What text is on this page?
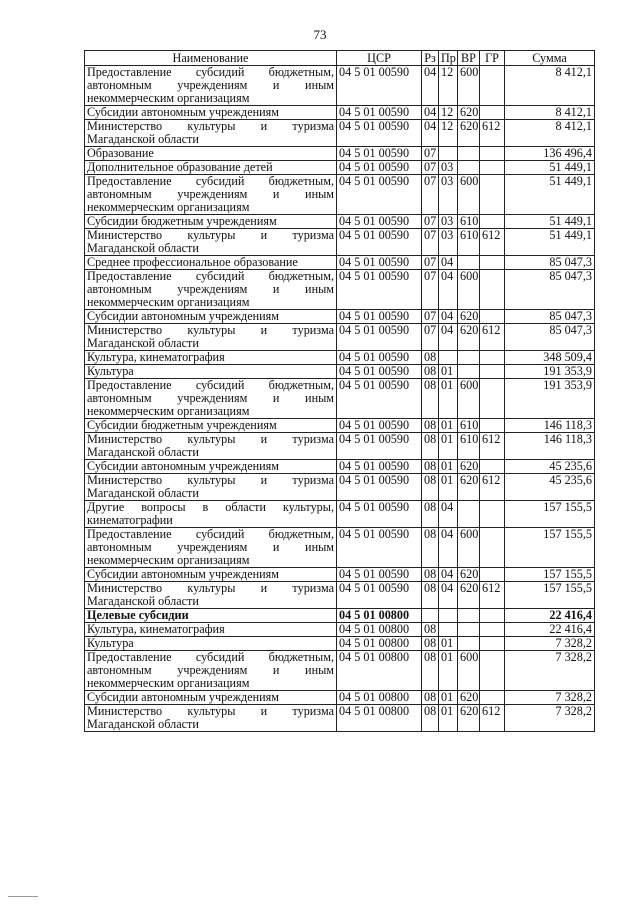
73
Наименование	ЦСР	Рз	Пр	ВР	ГР	Сумма
Предоставление субсидий бюджетным, автономным учреждениям и иным некоммерческим организациям	04 5 01 00590	04	12	600		8 412,1
Субсидии автономным учреждениям	04 5 01 00590	04	12	620		8 412,1
Министерство культуры и туризма Магаданской области	04 5 01 00590	04	12	620	612	8 412,1
Образование	04 5 01 00590	07				136 496,4
Дополнительное образование детей	04 5 01 00590	07	03			51 449,1
Предоставление субсидий бюджетным, автономным учреждениям и иным некоммерческим организациям	04 5 01 00590	07	03	600		51 449,1
Субсидии бюджетным учреждениям	04 5 01 00590	07	03	610		51 449,1
Министерство культуры и туризма Магаданской области	04 5 01 00590	07	03	610	612	51 449,1
Среднее профессиональное образование	04 5 01 00590	07	04			85 047,3
Предоставление субсидий бюджетным, автономным учреждениям и иным некоммерческим организациям	04 5 01 00590	07	04	600		85 047,3
Субсидии автономным учреждениям	04 5 01 00590	07	04	620		85 047,3
Министерство культуры и туризма Магаданской области	04 5 01 00590	07	04	620	612	85 047,3
Культура, кинематография	04 5 01 00590	08				348 509,4
Культура	04 5 01 00590	08	01			191 353,9
Предоставление субсидий бюджетным, автономным учреждениям и иным некоммерческим организациям	04 5 01 00590	08	01	600		191 353,9
Субсидии бюджетным учреждениям	04 5 01 00590	08	01	610		146 118,3
Министерство культуры и туризма Магаданской области	04 5 01 00590	08	01	610	612	146 118,3
Субсидии автономным учреждениям	04 5 01 00590	08	01	620		45 235,6
Министерство культуры и туризма Магаданской области	04 5 01 00590	08	01	620	612	45 235,6
Другие вопросы в области культуры, кинематографии	04 5 01 00590	08	04			157 155,5
Предоставление субсидий бюджетным, автономным учреждениям и иным некоммерческим организациям	04 5 01 00590	08	04	600		157 155,5
Субсидии автономным учреждениям	04 5 01 00590	08	04	620		157 155,5
Министерство культуры и туризма Магаданской области	04 5 01 00590	08	04	620	612	157 155,5
Целевые субсидии	04 5 01 00800					22 416,4
Культура, кинематография	04 5 01 00800	08				22 416,4
Культура	04 5 01 00800	08	01			7 328,2
Предоставление субсидий бюджетным, автономным учреждениям и иным некоммерческим организациям	04 5 01 00800	08	01	600		7 328,2
Субсидии автономным учреждениям	04 5 01 00800	08	01	620		7 328,2
Министерство культуры и туризма Магаданской области	04 5 01 00800	08	01	620	612	7 328,2
